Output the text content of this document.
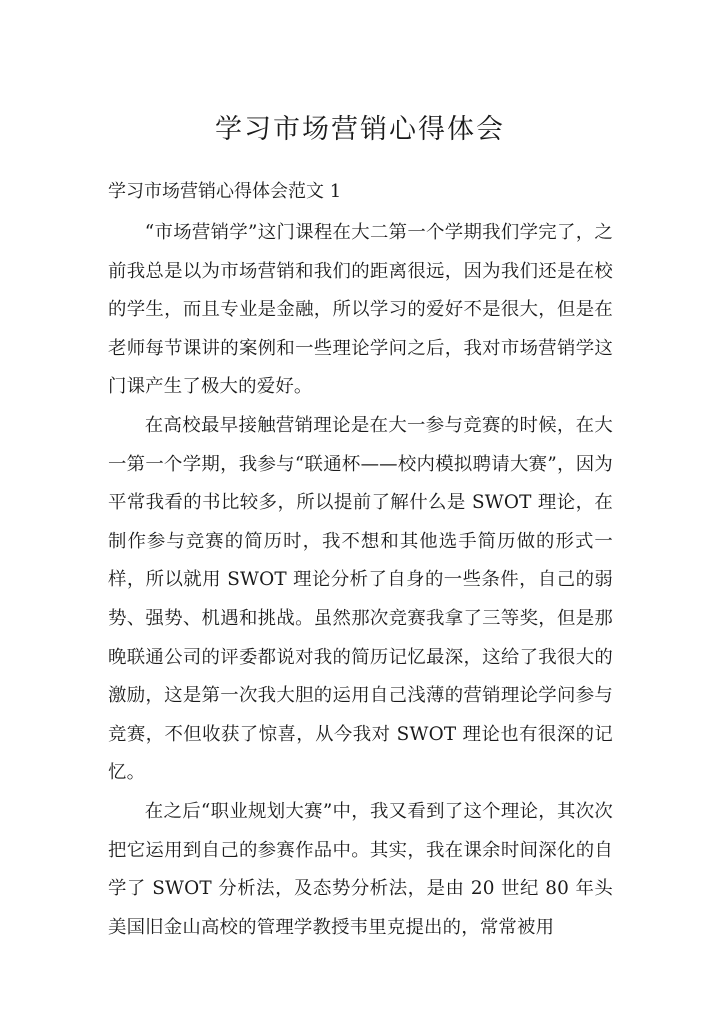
学习市场营销心得体会

学习市场营销心得体会范文 1

“市场营销学”这门课程在大二第一个学期我们学完了，之前我总是以为市场营销和我们的距离很远，因为我们还是在校的学生，而且专业是金融，所以学习的爱好不是很大，但是在老师每节课讲的案例和一些理论学问之后，我对市场营销学这门课产生了极大的爱好。

在高校最早接触营销理论是在大一参与竞赛的时候，在大一第一个学期，我参与“联通杯——校内模拟聘请大赛”，因为平常我看的书比较多，所以提前了解什么是 SWOT 理论，在制作参与竞赛的简历时，我不想和其他选手简历做的形式一样，所以就用 SWOT 理论分析了自身的一些条件，自己的弱势、强势、机遇和挑战。虽然那次竞赛我拿了三等奖，但是那晚联通公司的评委都说对我的简历记忆最深，这给了我很大的激励，这是第一次我大胆的运用自己浅薄的营销理论学问参与竞赛，不但收获了惊喜，从今我对 SWOT 理论也有很深的记忆。

在之后“职业规划大赛”中，我又看到了这个理论，其次次把它运用到自己的参赛作品中。其实，我在课余时间深化的自学了 SWOT 分析法，及态势分析法，是由 20 世纪 80 年头美国旧金山高校的管理学教授韦里克提出的，常常被用
